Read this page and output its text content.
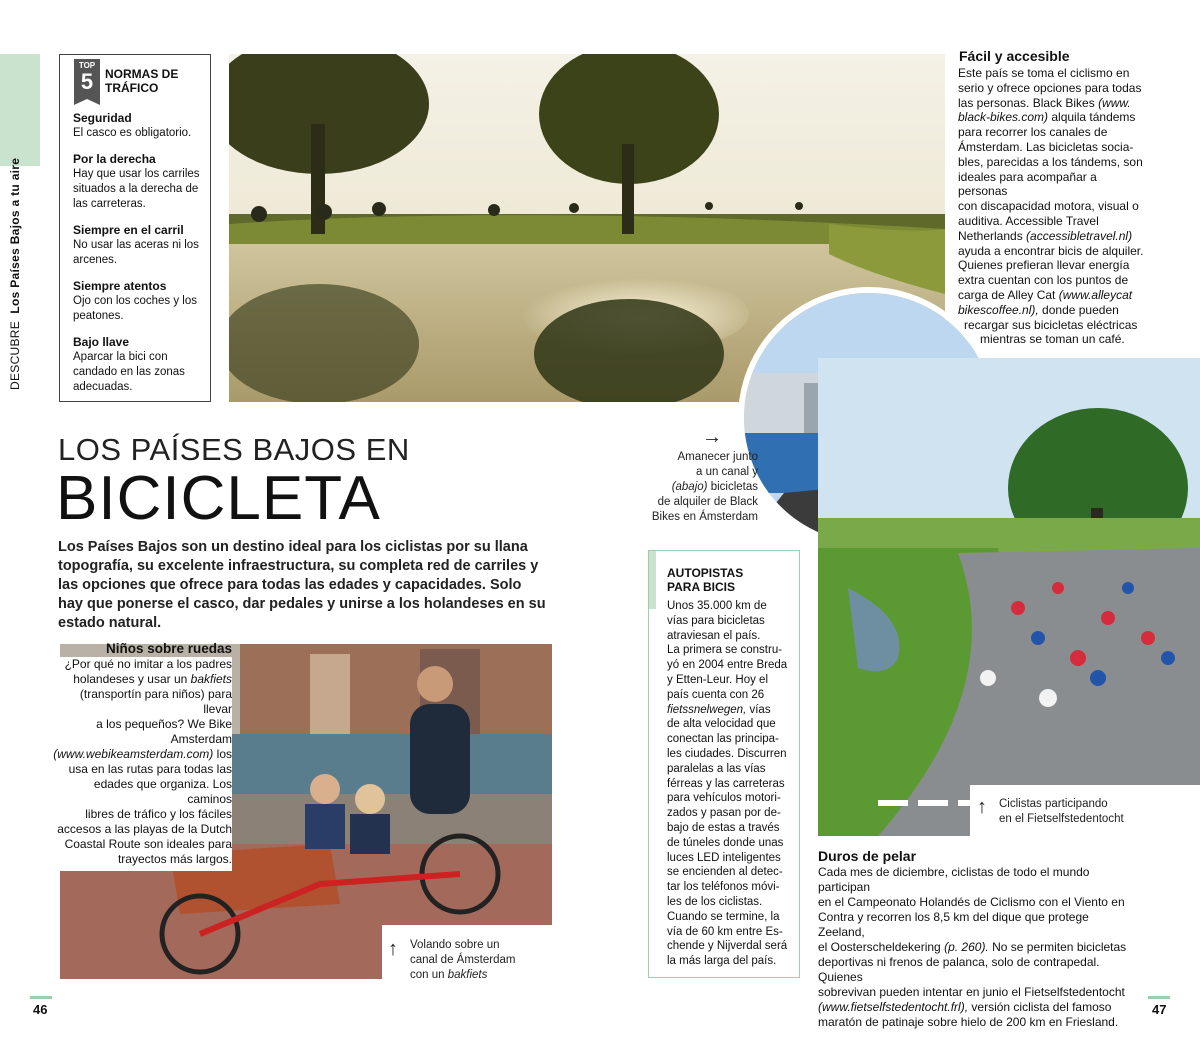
DESCUBRE  Los Países Bajos a tu aire
TOP
5 NORMAS DE TRÁFICO
Seguridad
El casco es obligatorio.
Por la derecha
Hay que usar los carriles situados a la derecha de las carreteras.
Siempre en el carril
No usar las aceras ni los arcenes.
Siempre atentos
Ojo con los coches y los peatones.
Bajo llave
Aparcar la bici con candado en las zonas adecuadas.
LOS PAÍSES BAJOS EN
BICICLETA
Los Países Bajos son un destino ideal para los ciclistas por su llana topografía, su excelente infraestructura, su completa red de carriles y las opciones que ofrece para todas las edades y capacidades. Solo hay que ponerse el casco, dar pedales y unirse a los holandeses en su estado natural.
Niños sobre ruedas
¿Por qué no imitar a los padres
holandeses y usar un bakfiets
(transportín para niños) para llevar
a los pequeños? We Bike Amsterdam
(www.webikeamsterdam.com) los
usa en las rutas para todas las
edades que organiza. Los caminos
libres de tráfico y los fáciles
accesos a las playas de la Dutch
Coastal Route son ideales para
trayectos más largos.
→
Amanecer junto
a un canal y
(abajo) bicicletas
de alquiler de Black
Bikes en Ámsterdam
↑ Volando sobre un
canal de Ámsterdam
con un bakfiets
↑ Ciclistas participando
en el Fietselfstedentocht
AUTOPISTAS
PARA BICIS
Unos 35.000 km de
vías para bicicletas
atraviesan el país.
La primera se constru-
yó en 2004 entre Breda
y Etten-Leur. Hoy el
país cuenta con 26
fietssnelwegen, vías
de alta velocidad que
conectan las principa-
les ciudades. Discurren
paralelas a las vías
férreas y las carreteras
para vehículos motori-
zados y pasan por de-
bajo de estas a través
de túneles donde unas
luces LED inteligentes
se encienden al detec-
tar los teléfonos móvi-
les de los ciclistas.
Cuando se termine, la
vía de 60 km entre Es-
chende y Nijverdal será
la más larga del país.
Fácil y accesible
Este país se toma el ciclismo en
serio y ofrece opciones para todas
las personas. Black Bikes (www.
black-bikes.com) alquila tándems
para recorrer los canales de
Ámsterdam. Las bicicletas socia-
bles, parecidas a los tándems, son
ideales para acompañar a personas
con discapacidad motora, visual o
auditiva. Accessible Travel
Netherlands (accessibletravel.nl)
ayuda a encontrar bicis de alquiler.
Quienes prefieran llevar energía
extra cuentan con los puntos de
carga de Alley Cat (www.alleycat
bikescoffee.nl), donde pueden
recargar sus bicicletas eléctricas
mientras se toman un café.
Duros de pelar
Cada mes de diciembre, ciclistas de todo el mundo participan
en el Campeonato Holandés de Ciclismo con el Viento en
Contra y recorren los 8,5 km del dique que protege Zeeland,
el Oosterscheldekering (p. 260). No se permiten bicicletas
deportivas ni frenos de palanca, solo de contrapedal. Quienes
sobrevivan pueden intentar en junio el Fietselfstedentocht
(www.fietselfstedentocht.frl), versión ciclista del famoso
maratón de patinaje sobre hielo de 200 km en Friesland.
46	47
